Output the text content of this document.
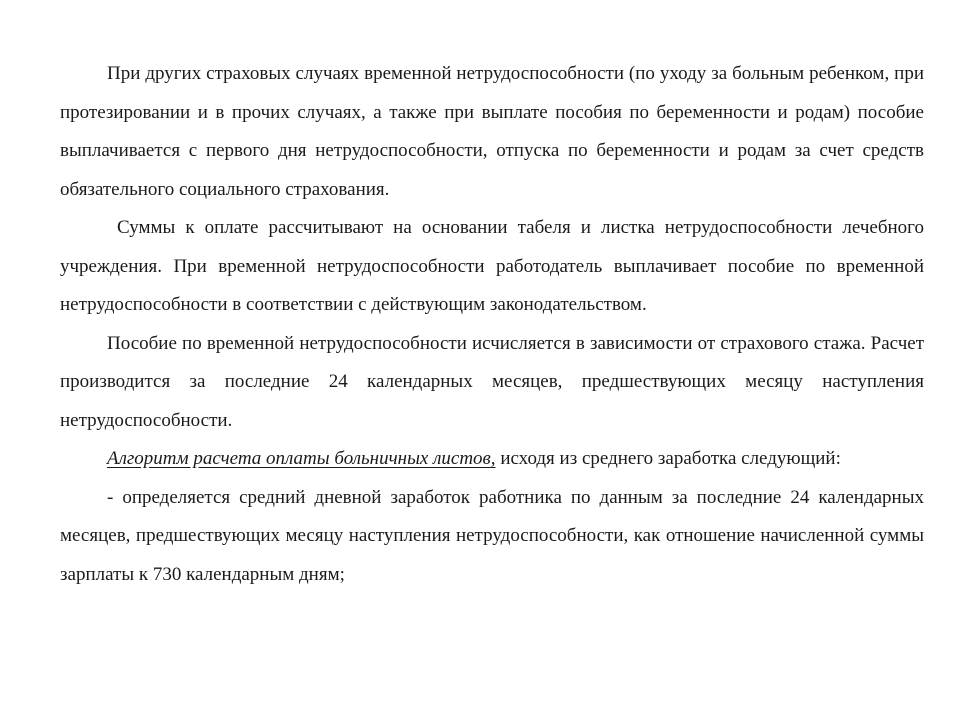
При других страховых случаях временной нетрудоспособности (по уходу за больным ребенком, при протезировании и в прочих случаях, а также при выплате пособия по беременности и родам) пособие выплачивается с первого дня нетрудоспособности, отпуска по беременности и родам за счет средств обязательного социального страхования.

Суммы к оплате рассчитывают на основании табеля и листка нетрудоспособности лечебного учреждения. При временной нетрудоспособности работодатель выплачивает пособие по временной нетрудоспособности в соответствии с действующим законодательством.

Пособие по временной нетрудоспособности исчисляется в зависимости от страхового стажа. Расчет производится за последние 24 календарных месяцев, предшествующих месяцу наступления нетрудоспособности.

Алгоритм расчета оплаты больничных листов, исходя из среднего заработка следующий:

- определяется средний дневной заработок работника по данным за последние 24 календарных месяцев, предшествующих месяцу наступления нетрудоспособности, как отношение начисленной суммы зарплаты к 730 календарным дням;
